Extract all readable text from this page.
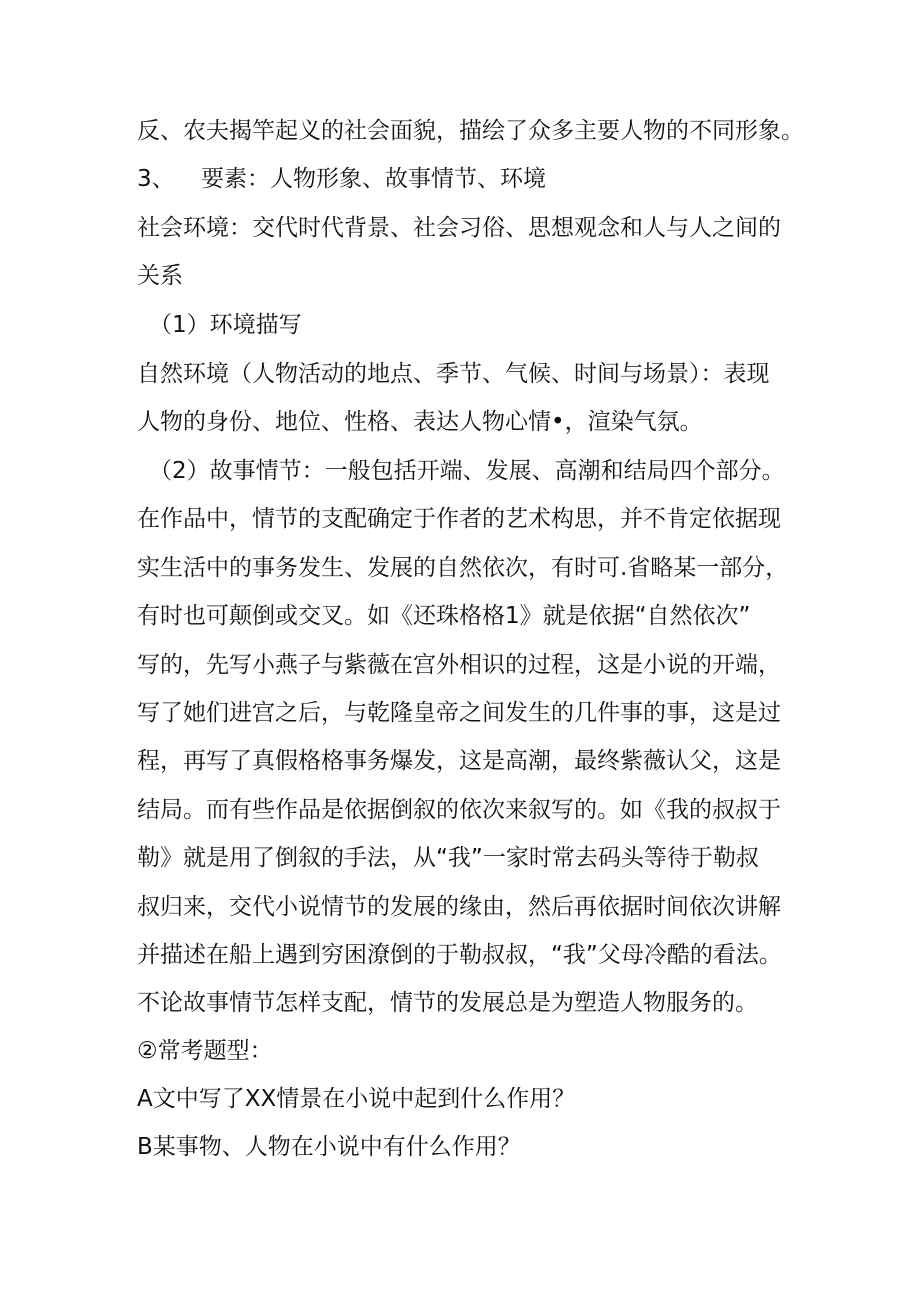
反、农夫揭竿起义的社会面貌，描绘了众多主要人物的不同形象。
3、 要素：人物形象、故事情节、环境
社会环境：交代时代背景、社会习俗、思想观念和人与人之间的
关系
（1）环境描写
自然环境（人物活动的地点、季节、气候、时间与场景）：表现
人物的身份、地位、性格、表达人物心情•，渲染气氛。
（2）故事情节：一般包括开端、发展、高潮和结局四个部分。
在作品中，情节的支配确定于作者的艺术构思，并不肯定依据现
实生活中的事务发生、发展的自然依次，有时可.省略某一部分，
有时也可颠倒或交叉。如《还珠格格1》就是依据“自然依次”
写的，先写小燕子与紫薇在宫外相识的过程，这是小说的开端，
写了她们进宫之后，与乾隆皇帝之间发生的几件事的事，这是过
程，再写了真假格格事务爆发，这是高潮，最终紫薇认父，这是
结局。而有些作品是依据倒叙的依次来叙写的。如《我的叔叔于
勒》就是用了倒叙的手法，从“我”一家时常去码头等待于勒叔
叔归来，交代小说情节的发展的缘由，然后再依据时间依次讲解
并描述在船上遇到穷困潦倒的于勒叔叔，“我”父母冷酷的看法。
不论故事情节怎样支配，情节的发展总是为塑造人物服务的。
②常考题型：
A文中写了XX情景在小说中起到什么作用？
B某事物、人物在小说中有什么作用？
